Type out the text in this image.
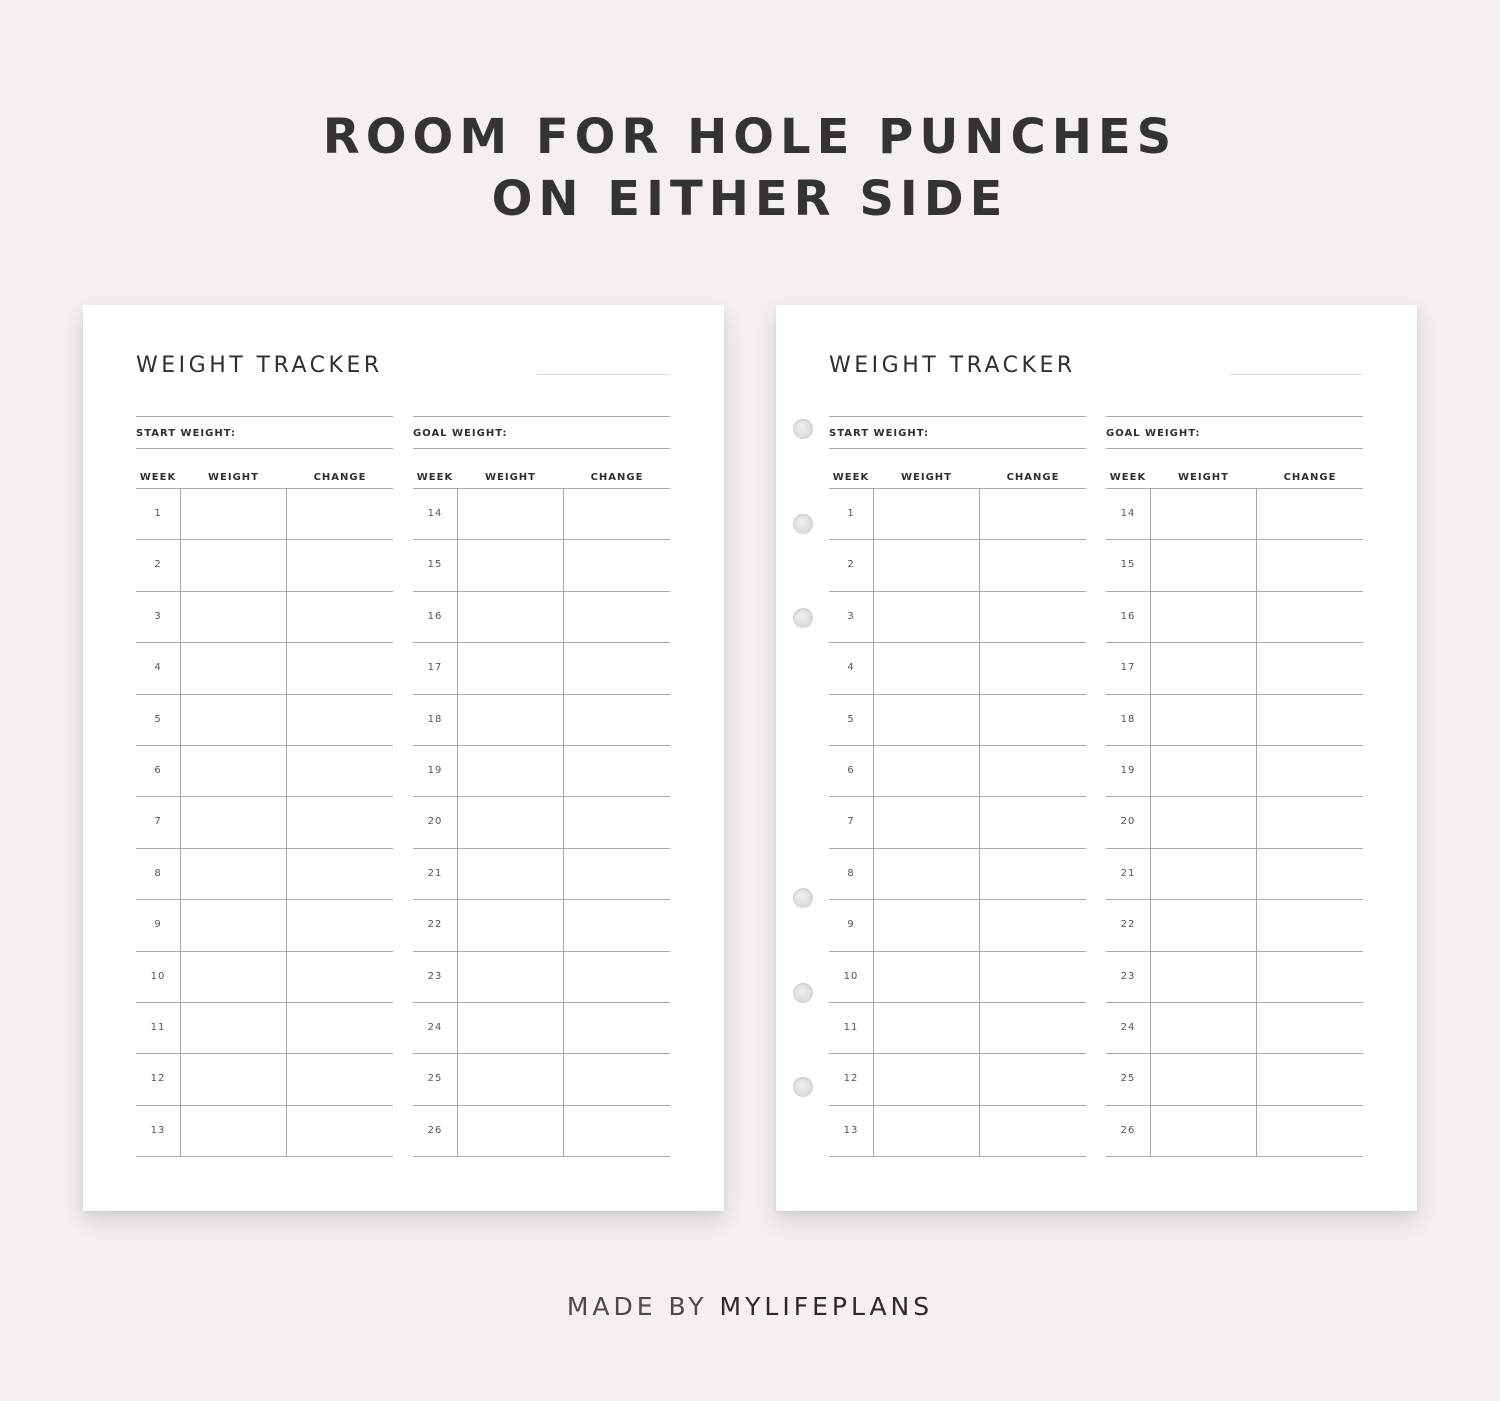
ROOM FOR HOLE PUNCHES
ON EITHER SIDE
WEIGHT TRACKER
START WEIGHT:
WEEK	WEIGHT	CHANGE
1
2
3
4
5
6
7
8
9
10
11
12
13
GOAL WEIGHT:
WEEK	WEIGHT	CHANGE
14
15
16
17
18
19
20
21
22
23
24
25
26
WEIGHT TRACKER
START WEIGHT:
WEEK	WEIGHT	CHANGE
1
2
3
4
5
6
7
8
9
10
11
12
13
GOAL WEIGHT:
WEEK	WEIGHT	CHANGE
14
15
16
17
18
19
20
21
22
23
24
25
26
MADE BY MYLIFEPLANS
